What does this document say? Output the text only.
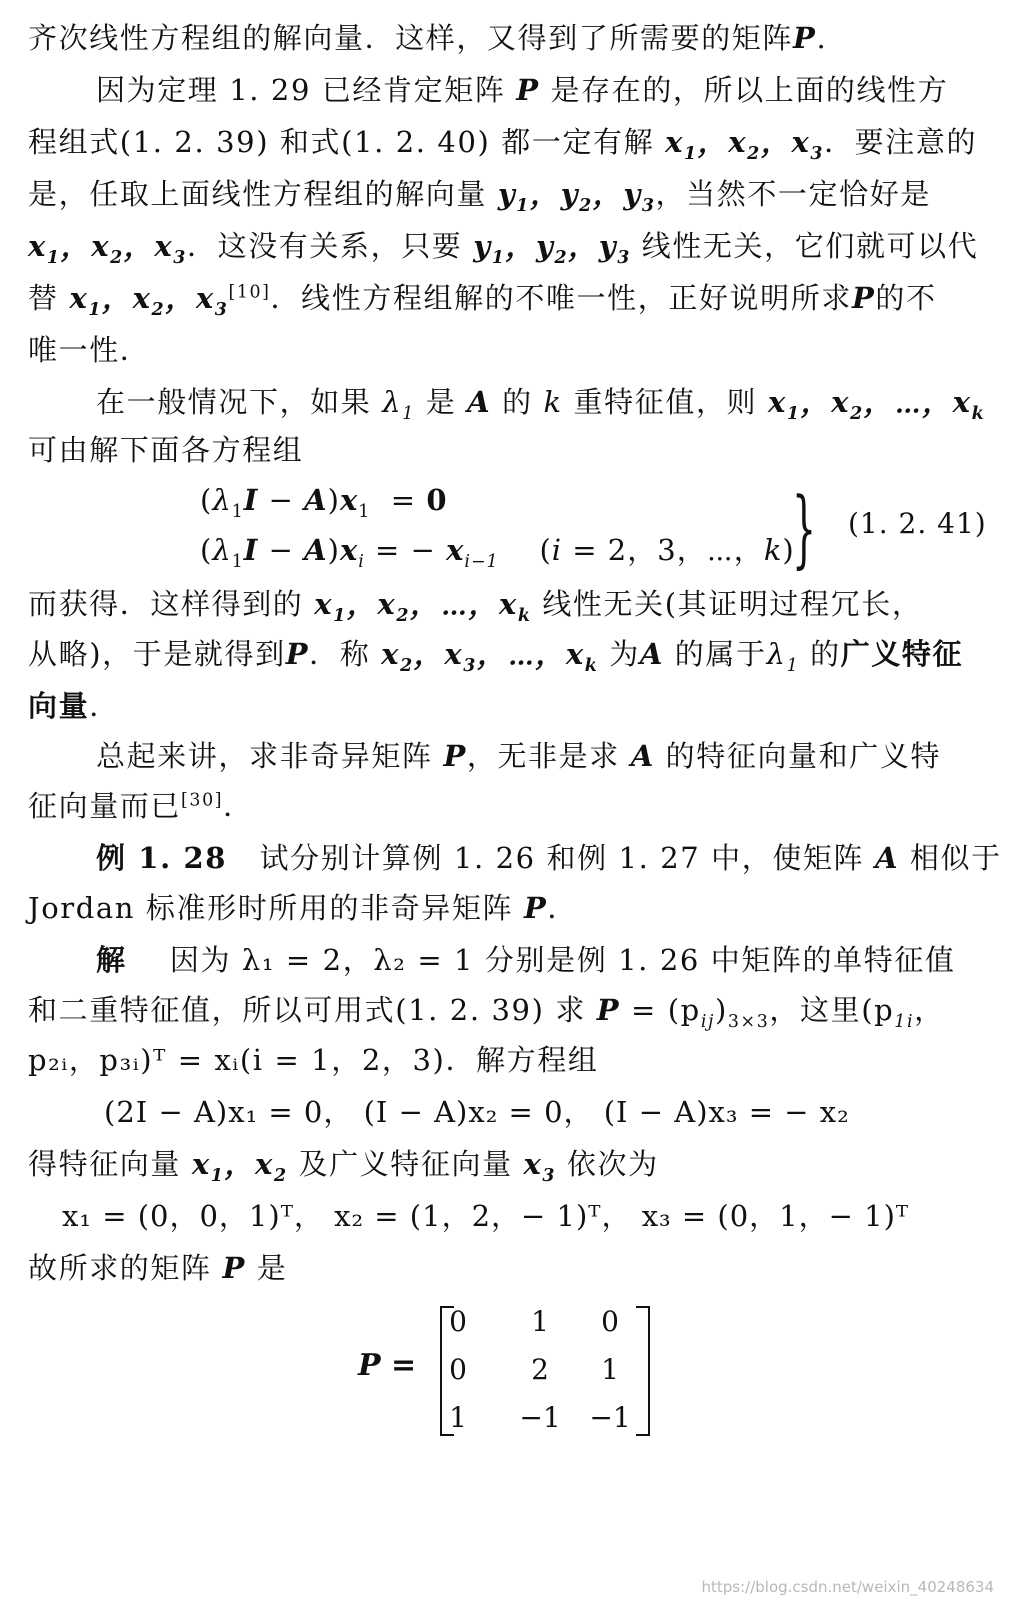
齐次线性方程组的解向量．这样，又得到了所需要的矩阵P.
因为定理 1. 29 已经肯定矩阵 P 是存在的，所以上面的线性方
程组式(1. 2. 39) 和式(1. 2. 40) 都一定有解 $x_1$，$x_2$，$x_3$．要注意的
是，任取上面线性方程组的解向量 $y_1$，$y_2$，$y_3$，当然不一定恰好是
$x_1$，$x_2$，$x_3$．这没有关系，只要 $y_1$，$y_2$，$y_3$ 线性无关，它们就可以代
替 $x_1$，$x_2$，$x_3[10]$．线性方程组解的不唯一性，正好说明所求P的不
唯一性．
在一般情况下，如果 $\lambda_1$ 是 A 的 k 重特征值，则 $x_1$，$x_2$，⋯，$x_k$
可由解下面各方程组
$(\lambda_1I - A)x_1 = 0$
$(\lambda_1I - A)x_i$ = − $x_{i-1}$    (i = 2，3，⋯，k)
} (1. 2. 41)
而获得．这样得到的 $x_1$，$x_2$，⋯，$x_k$ 线性无关(其证明过程冗长，
从略)，于是就得到P．称 $x_2$，$x_3$，⋯，$x_k$ 为A 的属于$\lambda_1$ 的广义特征
向量．
总起来讲，求非奇异矩阵 P，无非是求 A 的特征向量和广义特
征向量而已[30]．
例 1. 28 试分别计算例 1. 26 和例 1. 27 中，使矩阵 A 相似于
Jordan 标准形时所用的非奇异矩阵 P．
解 因为 λ₁ = 2，λ₂ = 1 分别是例 1. 26 中矩阵的单特征值
和二重特征值，所以可用式(1. 2. 39) 求 $P = (p_{ij})_{3\times 3}$，这里($p_{1i}$，
p₂ᵢ，p₃ᵢ)ᵀ = xᵢ(i = 1，2，3)．解方程组
(2I − A)x₁ = 0， (I − A)x₂ = 0， (I − A)x₃ = − x₂
得特征向量 $x_1$，$x_2$ 及广义特征向量 $x_3$ 依次为
x₁ = (0，0，1)ᵀ， x₂ = (1，2，− 1)ᵀ， x₃ = (0，1，− 1)ᵀ
故所求的矩阵 P 是
P =
0	1	0
0	2	1
1	−1	−1
https://blog.csdn.net/weixin_40248634
